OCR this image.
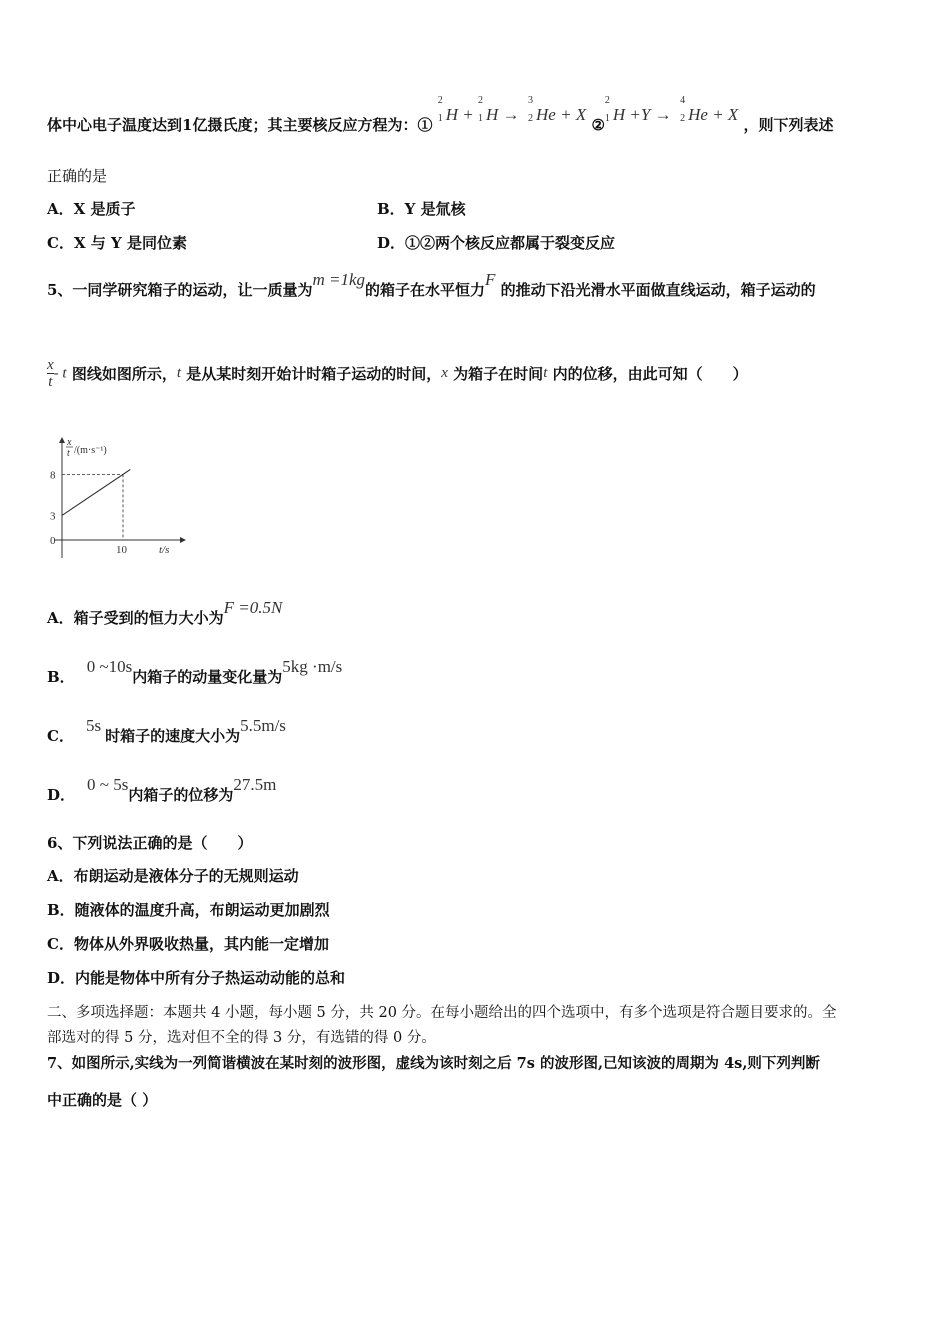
体中心电子温度达到1亿摄氏度；其主要核反应方程为：①
2
1 H +
2
1 H →
3
2 He + X ②
2
1 H +Y →
4
2 He + X ，则下列表述
正确的是
A．X 是质子	B．Y 是氚核
C．X 与 Y 是同位素	D．①②两个核反应都属于裂变反应
5、一同学研究箱子的运动，让一质量为m =1kg的箱子在水平恒力F 的推动下沿光滑水平面做直线运动，箱子运动的
$\frac{x}{t}$ - t 图线如图所示，t 是从某时刻开始计时箱子运动的时间，x 为箱子在时间t 内的位移，由此可知（　　）
x
t /(m·s⁻¹)
t/s
0
3
8
10
A．箱子受到的恒力大小为F =0.5N
B．0 ~10s内箱子的动量变化量为5kg ·m/s
C．5s时箱子的速度大小为5.5m/s
D．0 ~ 5s内箱子的位移为27.5m
6、下列说法正确的是（　　）
A．布朗运动是液体分子的无规则运动
B．随液体的温度升高，布朗运动更加剧烈
C．物体从外界吸收热量，其内能一定增加
D．内能是物体中所有分子热运动动能的总和
二、多项选择题：本题共 4 小题，每小题 5 分，共 20 分。在每小题给出的四个选项中，有多个选项是符合题目要求的。全
部选对的得 5 分，选对但不全的得 3 分，有选错的得 0 分。
7、如图所示,实线为一列简谐横波在某时刻的波形图，虚线为该时刻之后 7s 的波形图,已知该波的周期为 4s,则下列判断
中正确的是（ ）
